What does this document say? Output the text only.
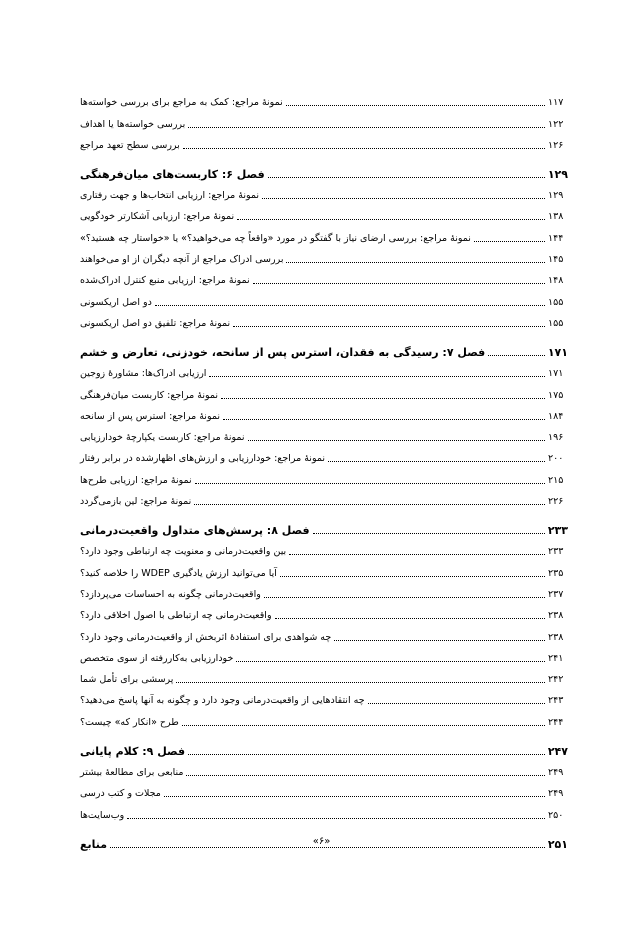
نمونهٔ مراجع: کمک به مراجع برای بررسی خواسته‌ها	۱۱۷
بررسی خواسته‌ها یا اهداف	۱۲۲
بررسی سطح تعهد مراجع	۱۲۶
فصل ۶: کاربست‌های میان‌فرهنگی	۱۲۹
نمونهٔ مراجع: ارزیابی انتخاب‌ها و جهت رفتاری	۱۲۹
نمونهٔ مراجع: ارزیابی آشکارتر خودگویی	۱۳۸
نمونهٔ مراجع: بررسی ارضای نیاز با گفتگو در مورد «واقعاً چه می‌خواهید؟» یا «خواستار چه هستید؟»	۱۴۴
بررسی ادراک مراجع از آنچه دیگران از او می‌خواهند	۱۴۵
نمونهٔ مراجع: ارزیابی منبع کنترل ادراک‌شده	۱۴۸
دو اصل اریکسونی	۱۵۵
نمونهٔ مراجع: تلفیق دو اصل اریکسونی	۱۵۵
فصل ۷: رسیدگی به فقدان، استرس پس از سانحه، خودزنی، تعارض و خشم	۱۷۱
ارزیابی ادراک‌ها: مشاورهٔ زوجین	۱۷۱
نمونهٔ مراجع: کاربست میان‌فرهنگی	۱۷۵
نمونهٔ مراجع: استرس پس از سانحه	۱۸۴
نمونهٔ مراجع: کاربست یکپارچهٔ خودارزیابی	۱۹۶
نمونهٔ مراجع: خودارزیابی و ارزش‌های اظهارشده در برابر رفتار	۲۰۰
نمونهٔ مراجع: ارزیابی طرح‌ها	۲۱۵
نمونهٔ مراجع: لین بازمی‌گردد	۲۲۶
فصل ۸: پرسش‌های متداول واقعیت‌درمانی	۲۳۳
بین واقعیت‌درمانی و معنویت چه ارتباطی وجود دارد؟	۲۳۳
آیا می‌توانید ارزش یادگیری WDEP را خلاصه کنید؟	۲۳۵
واقعیت‌درمانی چگونه به احساسات می‌پردازد؟	۲۳۷
واقعیت‌درمانی چه ارتباطی با اصول اخلاقی دارد؟	۲۳۸
چه شواهدی برای استفادهٔ اثربخش از واقعیت‌درمانی وجود دارد؟	۲۳۸
خودارزیابی به‌کاررفته از سوی متخصص	۲۴۱
پرسشی برای تأمل شما	۲۴۲
چه انتقادهایی از واقعیت‌درمانی وجود دارد و چگونه به آنها پاسخ می‌دهید؟	۲۴۳
طرح «انکار که» چیست؟	۲۴۴
فصل ۹: کلام پایانی	۲۴۷
منابعی برای مطالعهٔ بیشتر	۲۴۹
مجلات و کتب درسی	۲۴۹
وب‌سایت‌ها	۲۵۰
منابع	۲۵۱
«۶»
